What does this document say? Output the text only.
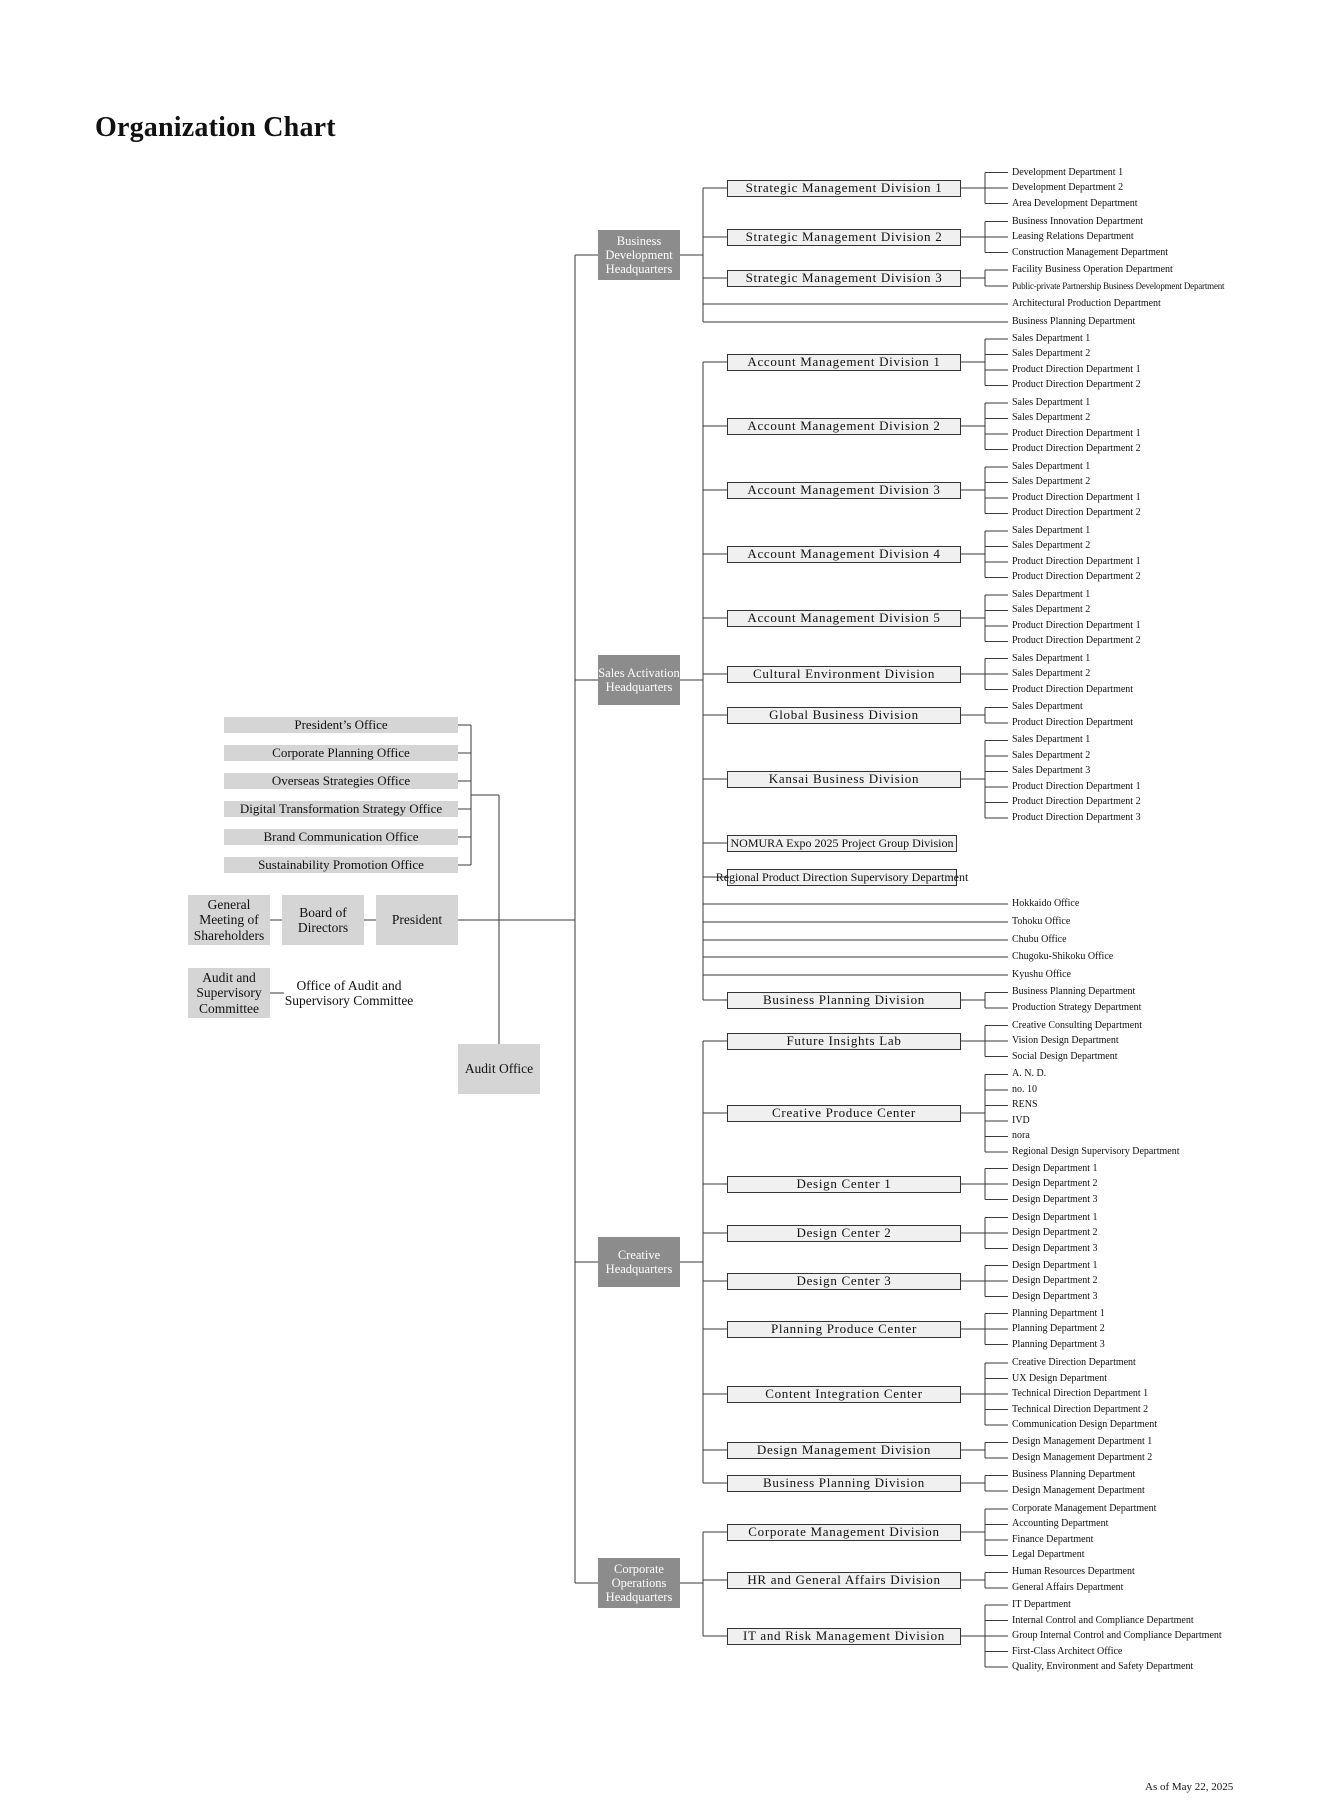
Organization Chart
General Meeting of Shareholders
Board of Directors
President
Audit and Supervisory Committee
Office of Audit and Supervisory Committee
Audit Office
President’s Office
Corporate Planning Office
Overseas Strategies Office
Digital Transformation Strategy Office
Brand Communication Office
Sustainability Promotion Office
Business Development Headquarters
Sales Activation Headquarters
Creative Headquarters
Corporate Operations Headquarters
Strategic Management Division 1
Development Department 1
Development Department 2
Area Development Department
Strategic Management Division 2
Business Innovation Department
Leasing Relations Department
Construction Management Department
Strategic Management Division 3
Facility Business Operation Department
Public-private Partnership Business Development Department
Account Management Division 1
Sales Department 1
Sales Department 2
Product Direction Department 1
Product Direction Department 2
Account Management Division 2
Sales Department 1
Sales Department 2
Product Direction Department 1
Product Direction Department 2
Account Management Division 3
Sales Department 1
Sales Department 2
Product Direction Department 1
Product Direction Department 2
Account Management Division 4
Sales Department 1
Sales Department 2
Product Direction Department 1
Product Direction Department 2
Account Management Division 5
Sales Department 1
Sales Department 2
Product Direction Department 1
Product Direction Department 2
Cultural Environment Division
Sales Department 1
Sales Department 2
Product Direction Department
Global Business Division
Sales Department
Product Direction Department
Kansai Business Division
Sales Department 1
Sales Department 2
Sales Department 3
Product Direction Department 1
Product Direction Department 2
Product Direction Department 3
NOMURA Expo 2025 Project Group Division
Regional Product Direction Supervisory Department
Business Planning Division
Business Planning Department
Production Strategy Department
Future Insights Lab
Creative Consulting Department
Vision Design Department
Social Design Department
Creative Produce Center
A. N. D.
no. 10
RENS
IVD
nora
Regional Design Supervisory Department
Design Center 1
Design Department 1
Design Department 2
Design Department 3
Design Center 2
Design Department 1
Design Department 2
Design Department 3
Design Center 3
Design Department 1
Design Department 2
Design Department 3
Planning Produce Center
Planning Department 1
Planning Department 2
Planning Department 3
Content Integration Center
Creative Direction Department
UX Design Department
Technical Direction Department 1
Technical Direction Department 2
Communication Design Department
Design Management Division
Design Management Department 1
Design Management Department 2
Business Planning Division
Business Planning Department
Design Management Department
Corporate Management Division
Corporate Management Department
Accounting Department
Finance Department
Legal Department
HR and General Affairs Division
Human Resources Department
General Affairs Department
IT and Risk Management Division
IT Department
Internal Control and Compliance Department
Group Internal Control and Compliance Department
First-Class Architect Office
Quality, Environment and Safety Department
Architectural Production Department
Business Planning Department
Hokkaido Office
Tohoku Office
Chubu Office
Chugoku-Shikoku Office
Kyushu Office
As of May 22, 2025
